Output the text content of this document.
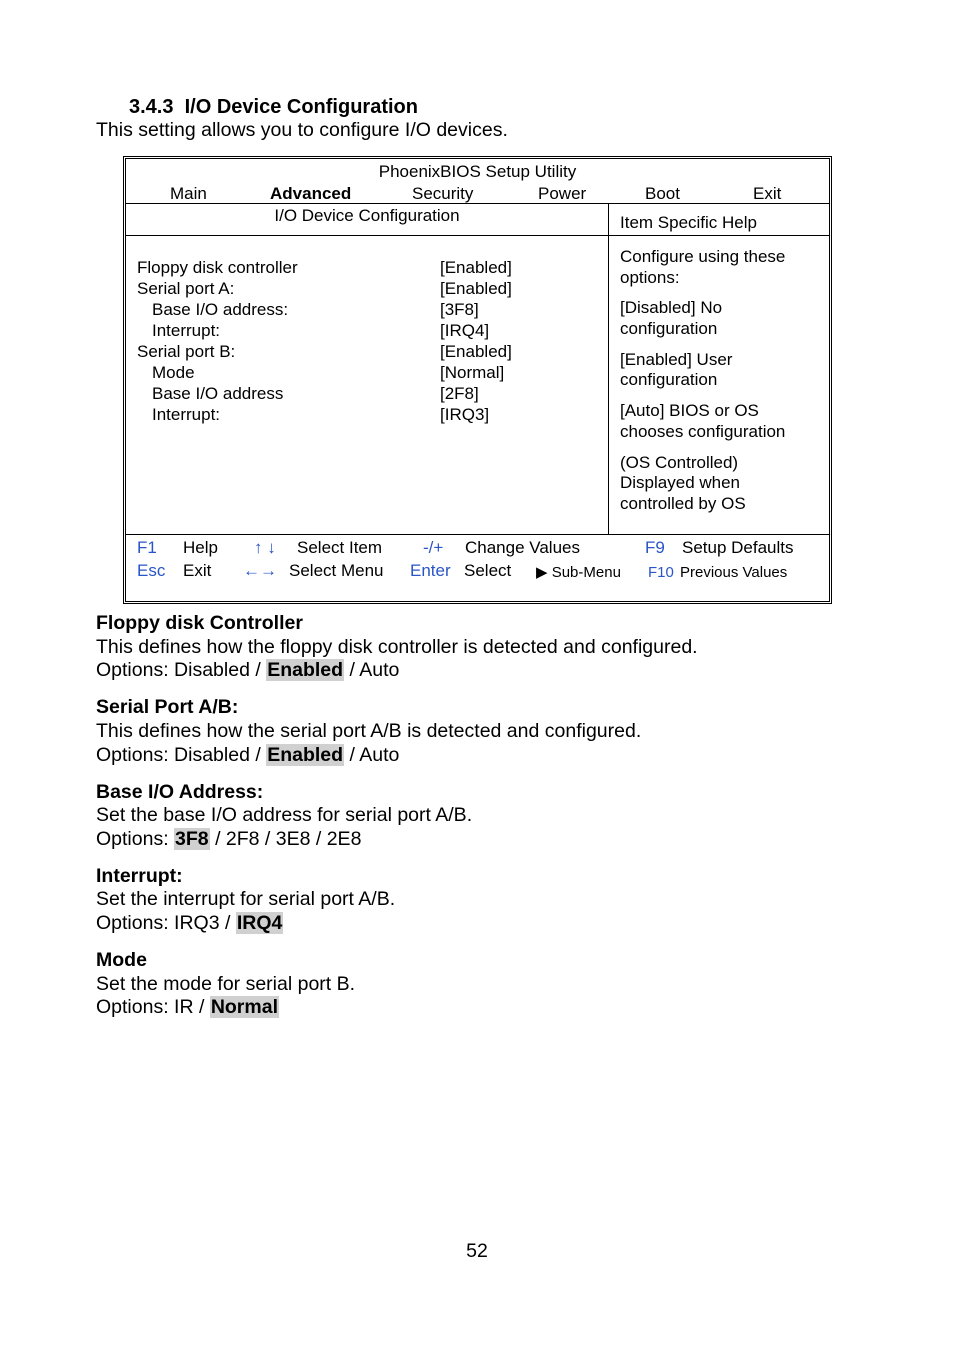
3.4.3 I/O Device Configuration
This setting allows you to configure I/O devices.
PhoenixBIOS Setup Utility
Main	Advanced	Security	Power	Boot	Exit
I/O Device Configuration	Item Specific Help
Floppy disk controller	[Enabled]
Serial port A:	[Enabled]
Base I/O address:	[3F8]
Interrupt:	[IRQ4]
Serial port B:	[Enabled]
Mode	[Normal]
Base I/O address	[2F8]
Interrupt:	[IRQ3]
Configure using these
options:
[Disabled] No
configuration
[Enabled] User
configuration
[Auto] BIOS or OS
chooses configuration
(OS Controlled)
Displayed when
controlled by OS
F1 Help ↑ ↓ Select Item -/+ Change Values	F9 Setup Defaults
Esc Exit ←→ Select Menu Enter Select ▶ Sub-Menu F10 Previous Values
Floppy disk Controller
This defines how the floppy disk controller is detected and configured.
Options: Disabled / Enabled / Auto
Serial Port A/B:
This defines how the serial port A/B is detected and configured.
Options: Disabled / Enabled / Auto
Base I/O Address:
Set the base I/O address for serial port A/B.
Options: 3F8 / 2F8 / 3E8 / 2E8
Interrupt:
Set the interrupt for serial port A/B.
Options: IRQ3 / IRQ4
Mode
Set the mode for serial port B.
Options: IR / Normal
52
